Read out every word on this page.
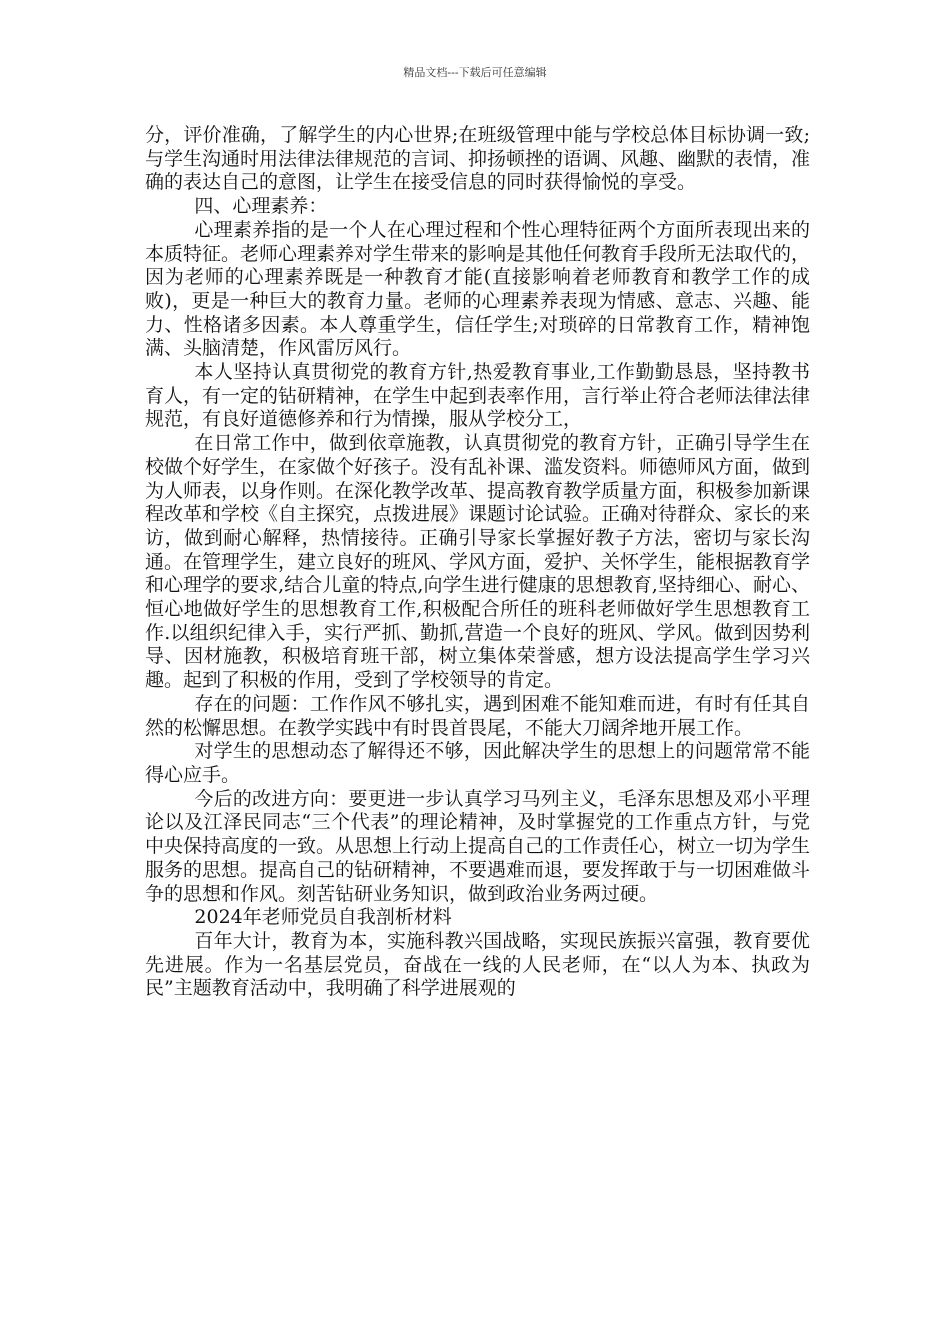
精品文档---下载后可任意编辑

分，评价准确，了解学生的内心世界;在班级管理中能与学校总体目标协调一致;与学生沟通时用法律法律规范的言词、抑扬顿挫的语调、风趣、幽默的表情，准确的表达自己的意图，让学生在接受信息的同时获得愉悦的享受。

四、心理素养：

心理素养指的是一个人在心理过程和个性心理特征两个方面所表现出来的本质特征。老师心理素养对学生带来的影响是其他任何教育手段所无法取代的，因为老师的心理素养既是一种教育才能(直接影响着老师教育和教学工作的成败)，更是一种巨大的教育力量。老师的心理素养表现为情感、意志、兴趣、能力、性格诸多因素。本人尊重学生，信任学生;对琐碎的日常教育工作，精神饱满、头脑清楚，作风雷厉风行。

本人坚持认真贯彻党的教育方针,热爱教育事业,工作勤勤恳恳，坚持教书育人，有一定的钻研精神，在学生中起到表率作用，言行举止符合老师法律法律规范，有良好道德修养和行为情操，服从学校分工，

在日常工作中，做到依章施教，认真贯彻党的教育方针，正确引导学生在校做个好学生，在家做个好孩子。没有乱补课、滥发资料。师德师风方面，做到为人师表，以身作则。在深化教学改革、提高教育教学质量方面，积极参加新课程改革和学校《自主探究，点拨进展》课题讨论试验。正确对待群众、家长的来访，做到耐心解释，热情接待。正确引导家长掌握好教子方法，密切与家长沟通。在管理学生，建立良好的班风、学风方面，爱护、关怀学生，能根据教育学和心理学的要求,结合儿童的特点,向学生进行健康的思想教育,坚持细心、耐心、恒心地做好学生的思想教育工作,积极配合所任的班科老师做好学生思想教育工作.以组织纪律入手，实行严抓、勤抓,营造一个良好的班风、学风。做到因势利导、因材施教，积极培育班干部，树立集体荣誉感，想方设法提高学生学习兴趣。起到了积极的作用，受到了学校领导的肯定。

存在的问题：工作作风不够扎实，遇到困难不能知难而进，有时有任其自然的松懈思想。在教学实践中有时畏首畏尾，不能大刀阔斧地开展工作。

对学生的思想动态了解得还不够，因此解决学生的思想上的问题常常不能得心应手。

今后的改进方向：要更进一步认真学习马列主义，毛泽东思想及邓小平理论以及江泽民同志“三个代表”的理论精神，及时掌握党的工作重点方针，与党中央保持高度的一致。从思想上行动上提高自己的工作责任心，树立一切为学生服务的思想。提高自己的钻研精神，不要遇难而退，要发挥敢于与一切困难做斗争的思想和作风。刻苦钻研业务知识，做到政治业务两过硬。

2024年老师党员自我剖析材料

百年大计，教育为本，实施科教兴国战略，实现民族振兴富强，教育要优先进展。作为一名基层党员，奋战在一线的人民老师，在“以人为本、执政为民”主题教育活动中，我明确了科学进展观的
